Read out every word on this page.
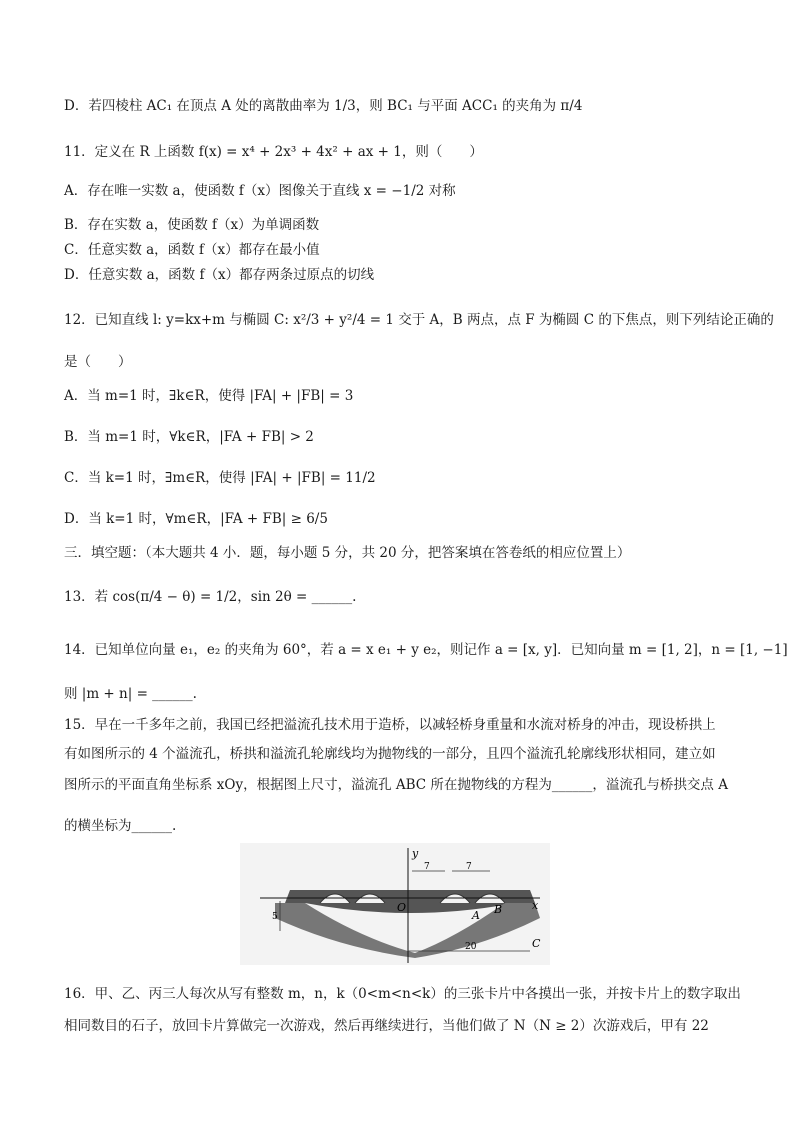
D．若四棱柱 AC₁ 在顶点 A 处的离散曲率为 1/3，则 BC₁ 与平面 ACC₁ 的夹角为 π/4
11．定义在 R 上函数 f(x) = x⁴ + 2x³ + 4x² + ax + 1，则（　　）
A．存在唯一实数 a，使函数 f（x）图像关于直线 x = −1/2 对称
B．存在实数 a，使函数 f（x）为单调函数
C．任意实数 a，函数 f（x）都存在最小值
D．任意实数 a，函数 f（x）都存两条过原点的切线
12．已知直线 l: y=kx+m 与椭圆 C: x²/3 + y²/4 = 1 交于 A，B 两点，点 F 为椭圆 C 的下焦点，则下列结论正确的
是（　　）
A．当 m=1 时，∃k∈R，使得 |FA| + |FB| = 3
B．当 m=1 时，∀k∈R，|FA + FB| > 2
C．当 k=1 时，∃m∈R，使得 |FA| + |FB| = 11/2
D．当 k=1 时，∀m∈R，|FA + FB| ≥ 6/5
三．填空题：（本大题共 4 小．题，每小题 5 分，共 20 分，把答案填在答卷纸的相应位置上）
13．若 cos(π/4 − θ) = 1/2，sin 2θ = ______.
14．已知单位向量 e₁，e₂ 的夹角为 60°，若 a = x e₁ + y e₂，则记作 a = [x, y]．已知向量 m = [1, 2]，n = [1, −1]
则 |m + n| = ______.
15．早在一千多年之前，我国已经把溢流孔技术用于造桥，以减轻桥身重量和水流对桥身的冲击，现设桥拱上
有如图所示的 4 个溢流孔，桥拱和溢流孔轮廓线均为抛物线的一部分，且四个溢流孔轮廓线形状相同，建立如
图所示的平面直角坐标系 xOy，根据图上尺寸，溢流孔 ABC 所在抛物线的方程为______，溢流孔与桥拱交点 A
的横坐标为______.
y
x
O
A B
C
7	7
5
20
16．甲、乙、丙三人每次从写有整数 m，n，k（0<m<n<k）的三张卡片中各摸出一张，并按卡片上的数字取出
相同数目的石子，放回卡片算做完一次游戏，然后再继续进行，当他们做了 N（N ≥ 2）次游戏后，甲有 22
